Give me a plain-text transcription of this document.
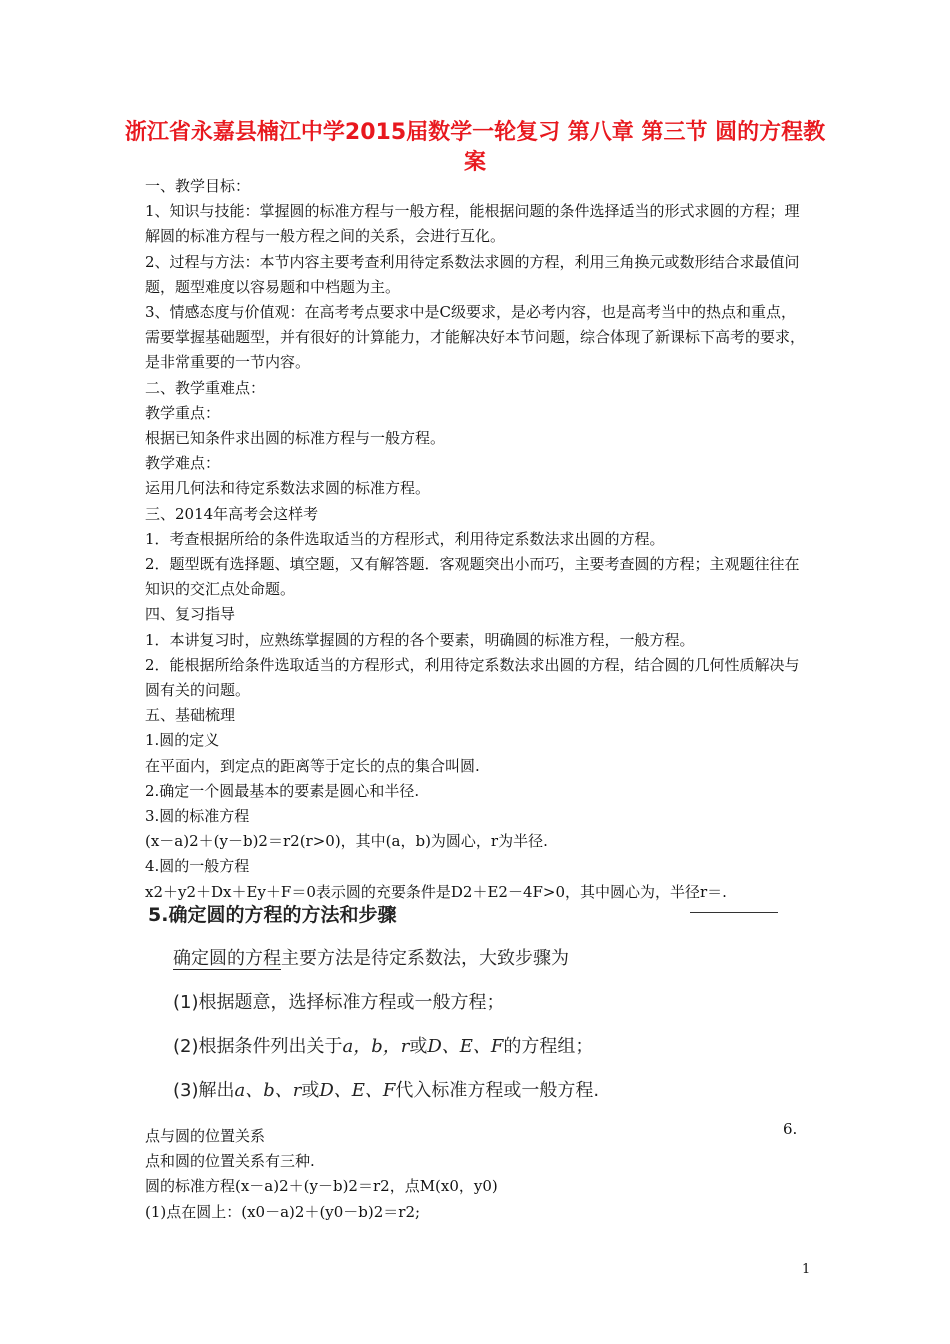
浙江省永嘉县楠江中学2015届数学一轮复习 第八章 第三节 圆的方程教案

一、教学目标：

1、知识与技能：掌握圆的标准方程与一般方程，能根据问题的条件选择适当的形式求圆的方程；理解圆的标准方程与一般方程之间的关系，会进行互化。

2、过程与方法：本节内容主要考查利用待定系数法求圆的方程，利用三角换元或数形结合求最值问题，题型难度以容易题和中档题为主。

3、情感态度与价值观：在高考考点要求中是C级要求，是必考内容，也是高考当中的热点和重点，需要掌握基础题型，并有很好的计算能力，才能解决好本节问题，综合体现了新课标下高考的要求，是非常重要的一节内容。

二、教学重难点：

教学重点：

根据已知条件求出圆的标准方程与一般方程。

教学难点：

运用几何法和待定系数法求圆的标准方程。

三、2014年高考会这样考

1．考查根据所给的条件选取适当的方程形式，利用待定系数法求出圆的方程。

2．题型既有选择题、填空题，又有解答题．客观题突出小而巧，主要考查圆的方程；主观题往往在知识的交汇点处命题。

四、复习指导

1．本讲复习时，应熟练掌握圆的方程的各个要素，明确圆的标准方程，一般方程。

2．能根据所给条件选取适当的方程形式，利用待定系数法求出圆的方程，结合圆的几何性质解决与圆有关的问题。

五、基础梳理

1.圆的定义

在平面内，到定点的距离等于定长的点的集合叫圆.

2.确定一个圆最基本的要素是圆心和半径.

3.圆的标准方程

(x－a)2＋(y－b)2＝r2(r>0)，其中(a，b)为圆心，r为半径.

4.圆的一般方程

x2＋y2＋Dx＋Ey＋F＝0表示圆的充要条件是D2＋E2－4F>0，其中圆心为，半径r＝.

5.确定圆的方程的方法和步骤

确定圆的方程主要方法是待定系数法，大致步骤为

(1)根据题意，选择标准方程或一般方程；

(2)根据条件列出关于a，b，r或D、E、F的方程组；

(3)解出a、b、r或D、E、F代入标准方程或一般方程.

6.

点与圆的位置关系

点和圆的位置关系有三种.

圆的标准方程(x－a)2＋(y－b)2＝r2，点M(x0，y0)

(1)点在圆上：(x0－a)2＋(y0－b)2＝r2;

1
